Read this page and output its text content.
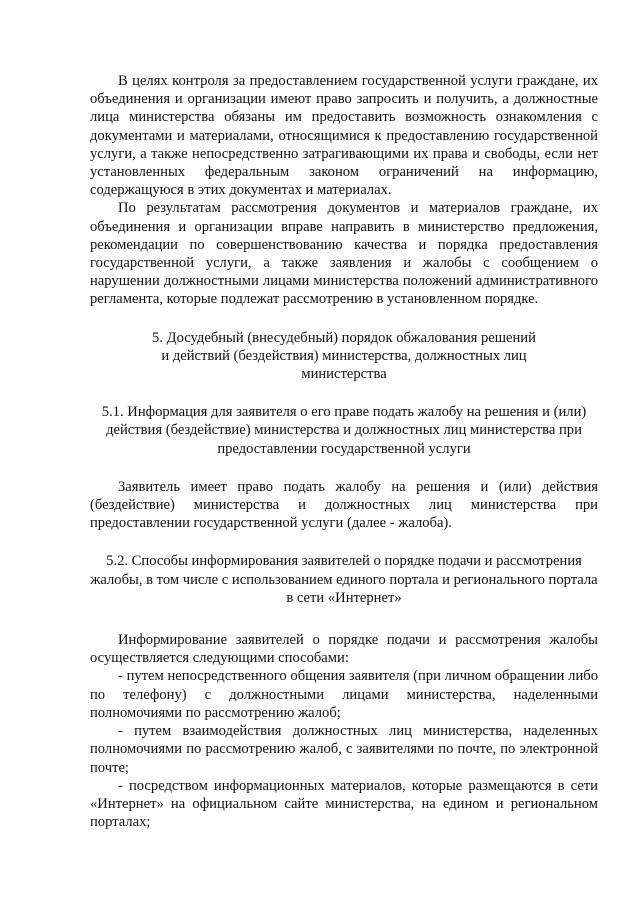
В целях контроля за предоставлением государственной услуги граждане, их объединения и организации имеют право запросить и получить, а должностные лица министерства обязаны им предоставить возможность ознакомления с документами и материалами, относящимися к предоставлению государственной услуги, а также непосредственно затрагивающими их права и свободы, если нет установленных федеральным законом ограничений на информацию, содержащуюся в этих документах и материалах.

По результатам рассмотрения документов и материалов граждане, их объединения и организации вправе направить в министерство предложения, рекомендации по совершенствованию качества и порядка предоставления государственной услуги, а также заявления и жалобы с сообщением о нарушении должностными лицами министерства положений административного регламента, которые подлежат рассмотрению в установленном порядке.

5. Досудебный (внесудебный) порядок обжалования решений
и действий (бездействия) министерства, должностных лиц
министерства

5.1. Информация для заявителя о его праве подать жалобу на решения и (или) действия (бездействие) министерства и должностных лиц министерства при предоставлении государственной услуги

Заявитель имеет право подать жалобу на решения и (или) действия (бездействие) министерства и должностных лиц министерства при предоставлении государственной услуги (далее - жалоба).

5.2. Способы информирования заявителей о порядке подачи и рассмотрения жалобы, в том числе с использованием единого портала и регионального портала в сети «Интернет»

Информирование заявителей о порядке подачи и рассмотрения жалобы осуществляется следующими способами:

- путем непосредственного общения заявителя (при личном обращении либо по телефону) с должностными лицами министерства, наделенными полномочиями по рассмотрению жалоб;

- путем взаимодействия должностных лиц министерства, наделенных полномочиями по рассмотрению жалоб, с заявителями по почте, по электронной почте;

- посредством информационных материалов, которые размещаются в сети «Интернет» на официальном сайте министерства, на едином и региональном порталах;
